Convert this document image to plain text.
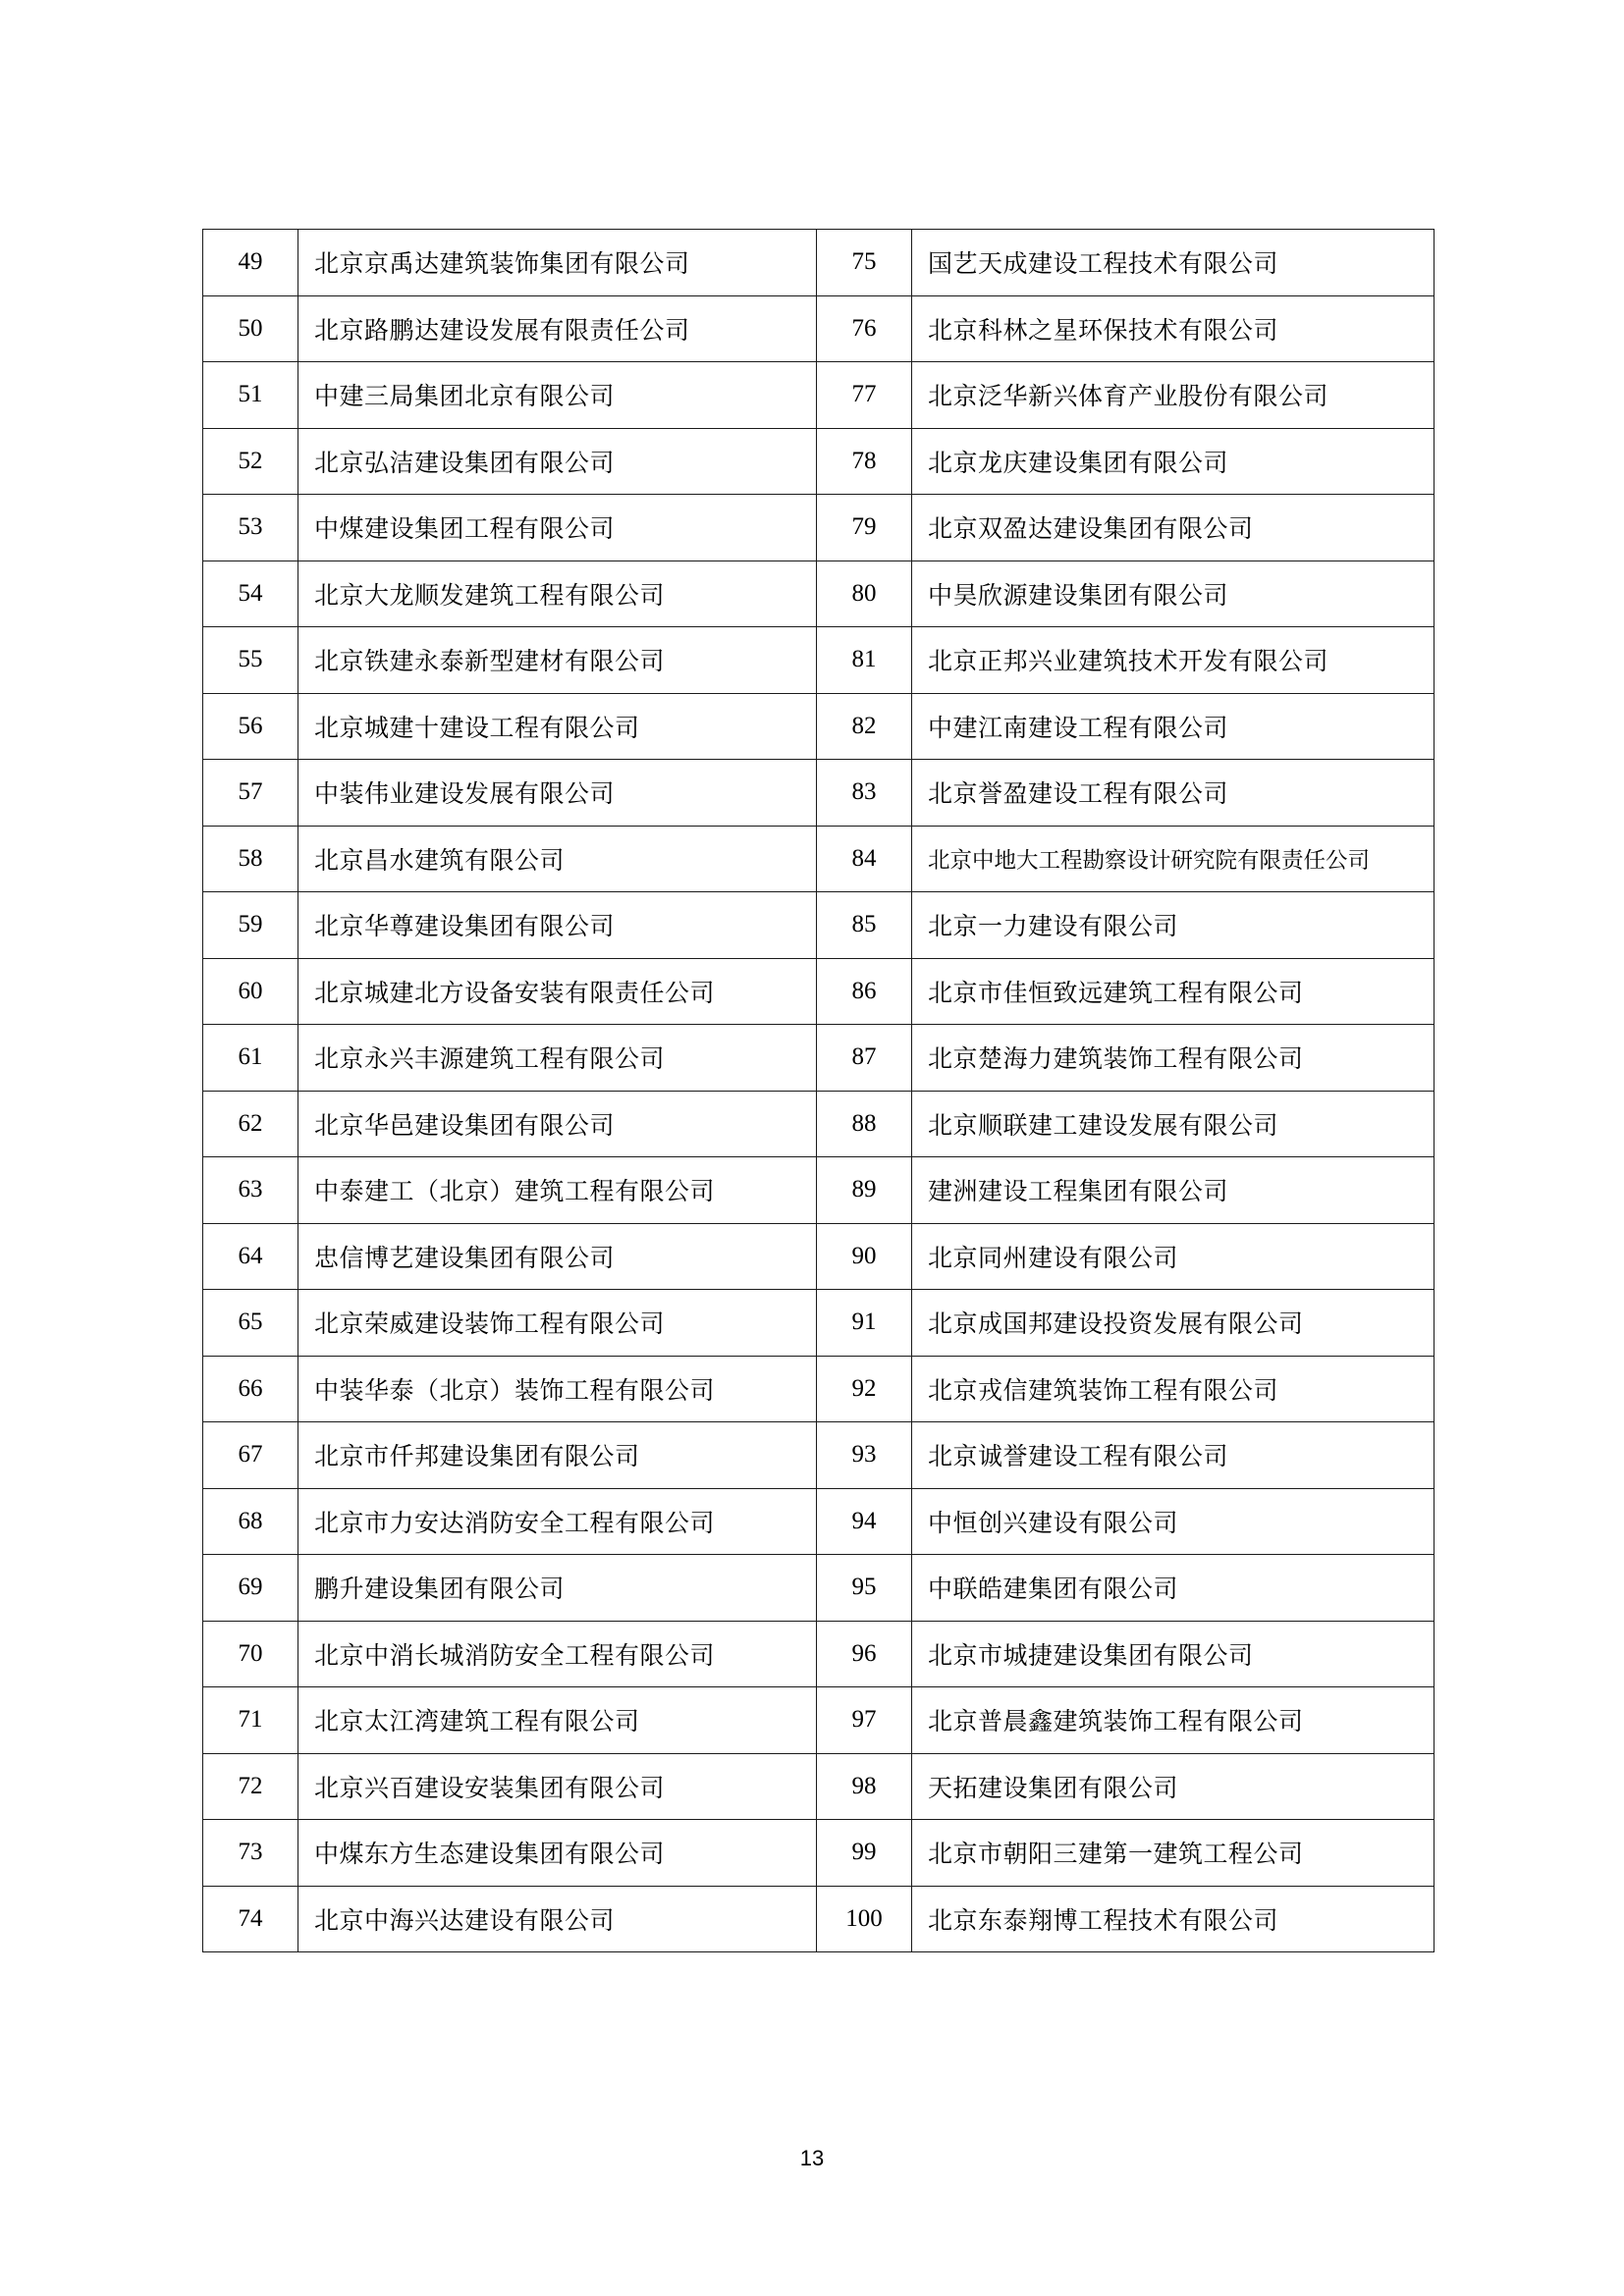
49	北京京禹达建筑装饰集团有限公司	75	国艺天成建设工程技术有限公司
50	北京路鹏达建设发展有限责任公司	76	北京科林之星环保技术有限公司
51	中建三局集团北京有限公司	77	北京泛华新兴体育产业股份有限公司
52	北京弘洁建设集团有限公司	78	北京龙庆建设集团有限公司
53	中煤建设集团工程有限公司	79	北京双盈达建设集团有限公司
54	北京大龙顺发建筑工程有限公司	80	中昊欣源建设集团有限公司
55	北京铁建永泰新型建材有限公司	81	北京正邦兴业建筑技术开发有限公司
56	北京城建十建设工程有限公司	82	中建江南建设工程有限公司
57	中装伟业建设发展有限公司	83	北京誉盈建设工程有限公司
58	北京昌水建筑有限公司	84	北京中地大工程勘察设计研究院有限责任公司
59	北京华尊建设集团有限公司	85	北京一力建设有限公司
60	北京城建北方设备安装有限责任公司	86	北京市佳恒致远建筑工程有限公司
61	北京永兴丰源建筑工程有限公司	87	北京楚海力建筑装饰工程有限公司
62	北京华邑建设集团有限公司	88	北京顺联建工建设发展有限公司
63	中泰建工（北京）建筑工程有限公司	89	建洲建设工程集团有限公司
64	忠信博艺建设集团有限公司	90	北京同州建设有限公司
65	北京荣威建设装饰工程有限公司	91	北京成国邦建设投资发展有限公司
66	中装华泰（北京）装饰工程有限公司	92	北京戎信建筑装饰工程有限公司
67	北京市仟邦建设集团有限公司	93	北京诚誉建设工程有限公司
68	北京市力安达消防安全工程有限公司	94	中恒创兴建设有限公司
69	鹏升建设集团有限公司	95	中联皓建集团有限公司
70	北京中消长城消防安全工程有限公司	96	北京市城捷建设集团有限公司
71	北京太江湾建筑工程有限公司	97	北京普晨鑫建筑装饰工程有限公司
72	北京兴百建设安装集团有限公司	98	天拓建设集团有限公司
73	中煤东方生态建设集团有限公司	99	北京市朝阳三建第一建筑工程公司
74	北京中海兴达建设有限公司	100	北京东泰翔博工程技术有限公司
13
